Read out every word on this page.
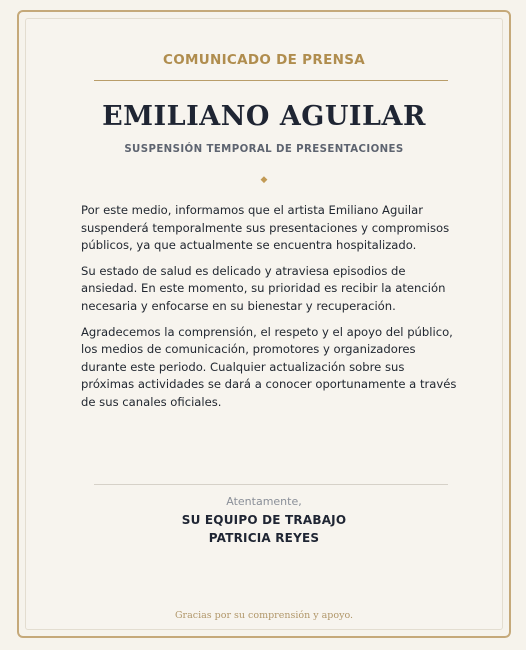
COMUNICADO DE PRENSA
EMILIANO AGUILAR
SUSPENSIÓN TEMPORAL DE PRESENTACIONES
◆

Por este medio, informamos que el artista Emiliano Aguilar suspenderá temporalmente sus presentaciones y compromisos públicos, ya que actualmente se encuentra hospitalizado.

Su estado de salud es delicado y atraviesa episodios de ansiedad. En este momento, su prioridad es recibir la atención necesaria y enfocarse en su bienestar y recuperación.

Agradecemos la comprensión, el respeto y el apoyo del público, los medios de comunicación, promotores y organizadores durante este periodo. Cualquier actualización sobre sus próximas actividades se dará a conocer oportunamente a través de sus canales oficiales.

Atentamente,
SU EQUIPO DE TRABAJO
PATRICIA REYES
Gracias por su comprensión y apoyo.
